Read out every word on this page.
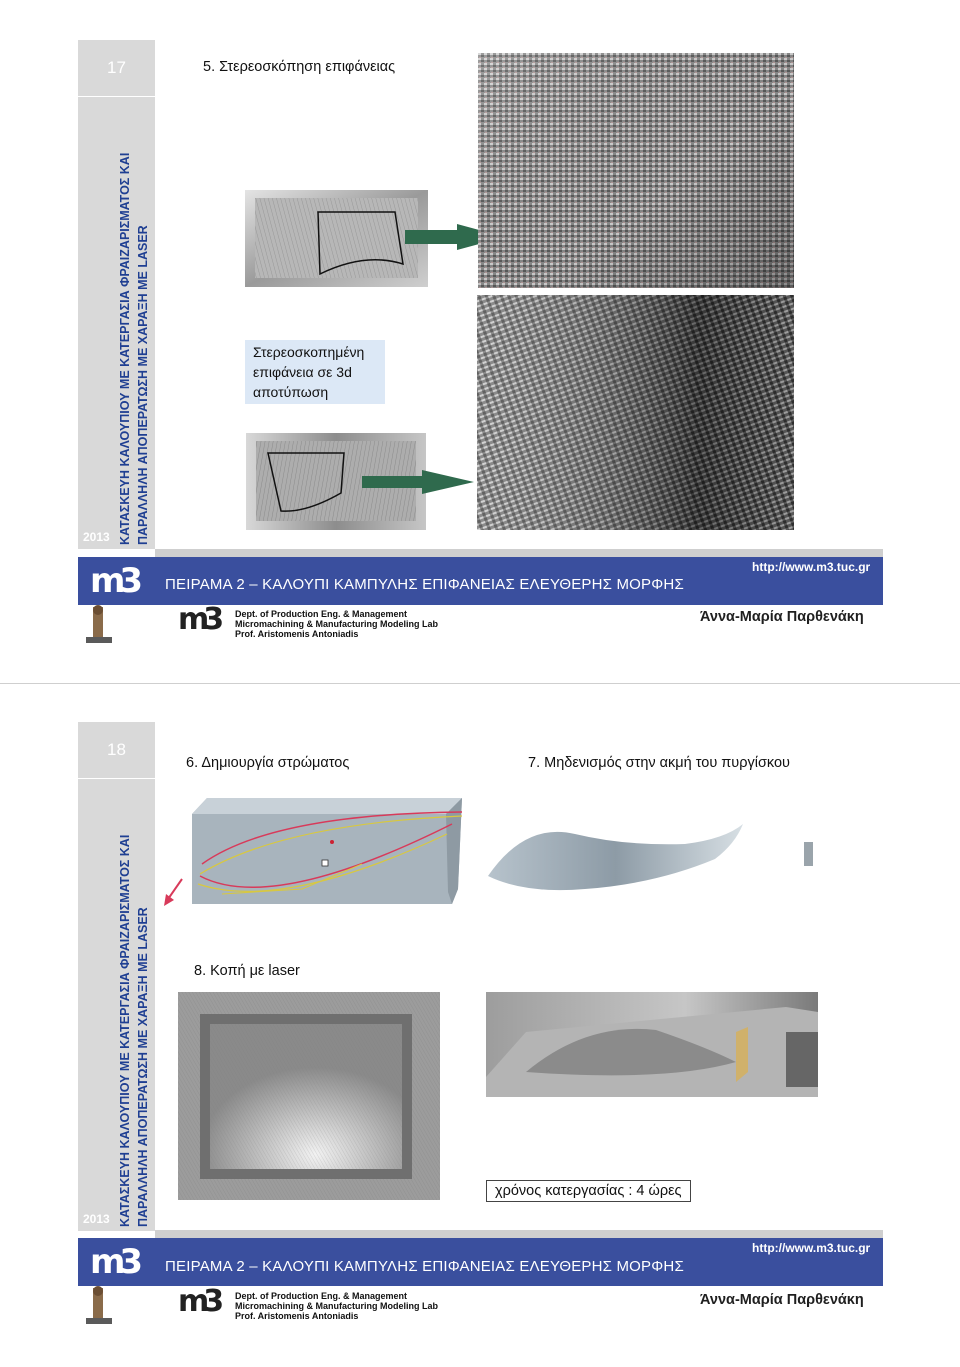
17
ΚΑΤΑΣΚΕΥΗ ΚΑΛΟΥΠΙΟΥ ΜΕ ΚΑΤΕΡΓΑΣΙΑ ΦΡΑΙΖΑΡΙΣΜΑΤΟΣ ΚΑΙ ΠΑΡΑΛΛΗΛΗ ΑΠΟΠΕΡΑΤΩΣΗ ΜΕ ΧΑΡΑΞΗ ΜΕ LASER
2013
5. Στερεοσκόπηση επιφάνειας
Στερεοσκοπημένη
επιφάνεια σε 3d
αποτύπωση
m3 ΠΕΙΡΑΜΑ 2 – ΚΑΛΟΥΠΙ ΚΑΜΠΥΛΗΣ ΕΠΙΦΑΝΕΙΑΣ ΕΛΕΥΘΕΡΗΣ ΜΟΡΦΗΣ
http://www.m3.tuc.gr
m3 Dept. of Production Eng. & Management
Micromachining & Manufacturing Modeling Lab
Prof. Aristomenis Antoniadis
Άννα-Μαρία Παρθενάκη
18
ΚΑΤΑΣΚΕΥΗ ΚΑΛΟΥΠΙΟΥ ΜΕ ΚΑΤΕΡΓΑΣΙΑ ΦΡΑΙΖΑΡΙΣΜΑΤΟΣ ΚΑΙ ΠΑΡΑΛΛΗΛΗ ΑΠΟΠΕΡΑΤΩΣΗ ΜΕ ΧΑΡΑΞΗ ΜΕ LASER
2013
6. Δημιουργία στρώματος	7. Μηδενισμός στην ακμή του πυργίσκου
8. Κοπή με laser
χρόνος κατεργασίας : 4 ώρες
m3 ΠΕΙΡΑΜΑ 2 – ΚΑΛΟΥΠΙ ΚΑΜΠΥΛΗΣ ΕΠΙΦΑΝΕΙΑΣ ΕΛΕΥΘΕΡΗΣ ΜΟΡΦΗΣ
http://www.m3.tuc.gr
m3 Dept. of Production Eng. & Management
Micromachining & Manufacturing Modeling Lab
Prof. Aristomenis Antoniadis
Άννα-Μαρία Παρθενάκη
